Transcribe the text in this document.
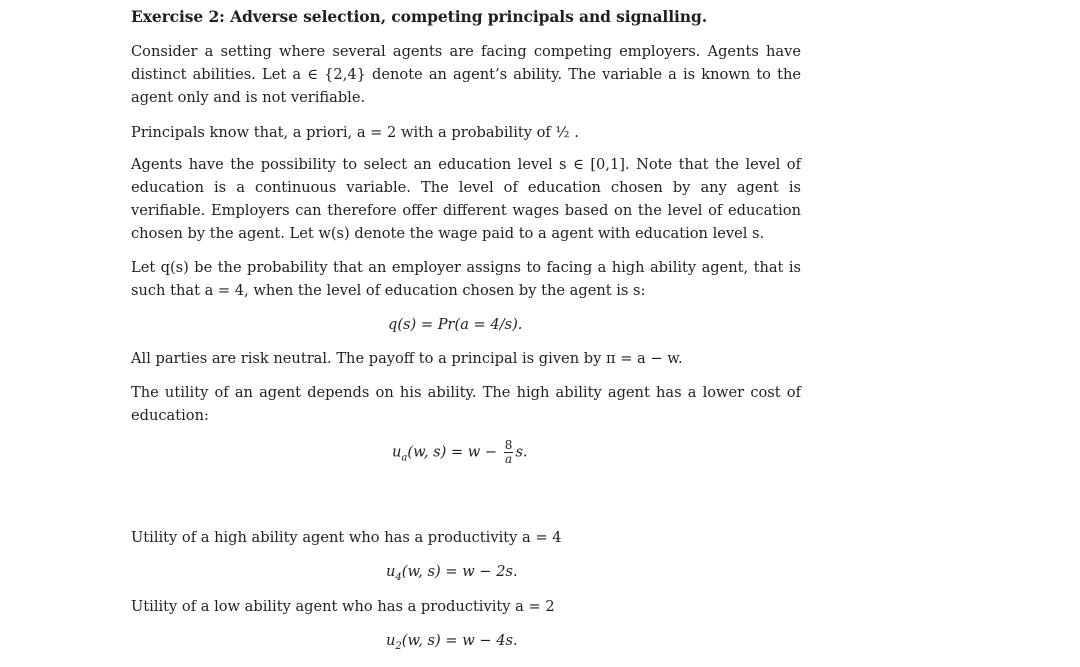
Exercise 2: Adverse selection, competing principals and signalling.
Consider a setting where several agents are facing competing employers. Agents have
distinct abilities. Let a ∈ {2,4} denote an agent’s ability. The variable a is known to the
agent only and is not verifiable.
Principals know that, a priori, a = 2 with a probability of ½ .
Agents have the possibility to select an education level s ∈ [0,1]. Note that the level of
education is a continuous variable. The level of education chosen by any agent is
verifiable. Employers can therefore offer different wages based on the level of education
chosen by the agent. Let w(s) denote the wage paid to a agent with education level s.
Let q(s) be the probability that an employer assigns to facing a high ability agent, that is
such that a = 4, when the level of education chosen by the agent is s:
q(s) = Pr(a = 4/s).
All parties are risk neutral. The payoff to a principal is given by π = a − w.
The utility of an agent depends on his ability. The high ability agent has a lower cost of
education:
$u_a(w$, $s) = w - \frac{8}{a} s$.
Utility of a high ability agent who has a productivity a = 4
$u_4(w$, s) = w − 2s.
Utility of a low ability agent who has a productivity a = 2
$u_2(w$, s) = w − 4s.
